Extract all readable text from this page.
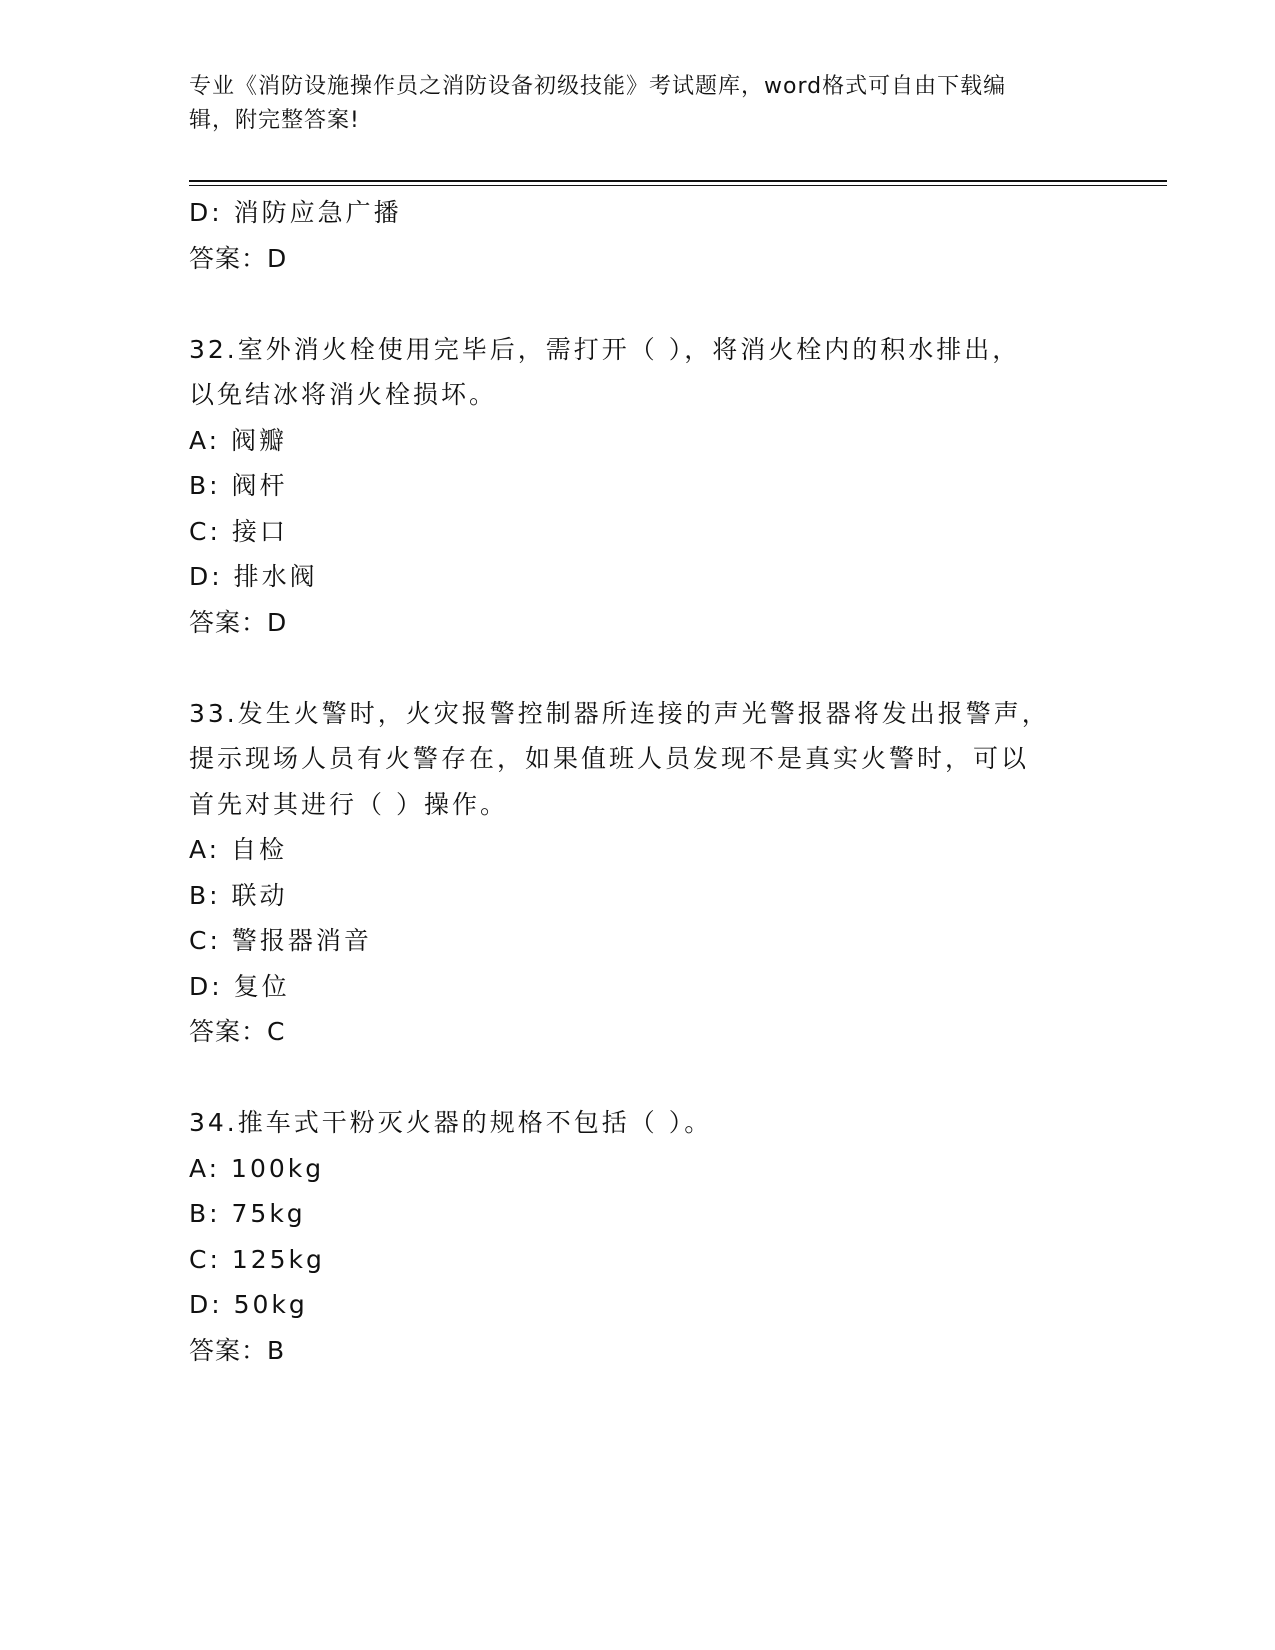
专业《消防设施操作员之消防设备初级技能》考试题库，word格式可自由下载编
辑，附完整答案!
D: 消防应急广播
答案：D
32.室外消火栓使用完毕后，需打开（ ），将消火栓内的积水排出，
以免结冰将消火栓损坏。
A: 阀瓣
B: 阀杆
C: 接口
D: 排水阀
答案：D
33.发生火警时，火灾报警控制器所连接的声光警报器将发出报警声，
提示现场人员有火警存在，如果值班人员发现不是真实火警时，可以
首先对其进行（ ）操作。
A: 自检
B: 联动
C: 警报器消音
D: 复位
答案：C
34.推车式干粉灭火器的规格不包括（ ）。
A: 100kg
B: 75kg
C: 125kg
D: 50kg
答案：B
